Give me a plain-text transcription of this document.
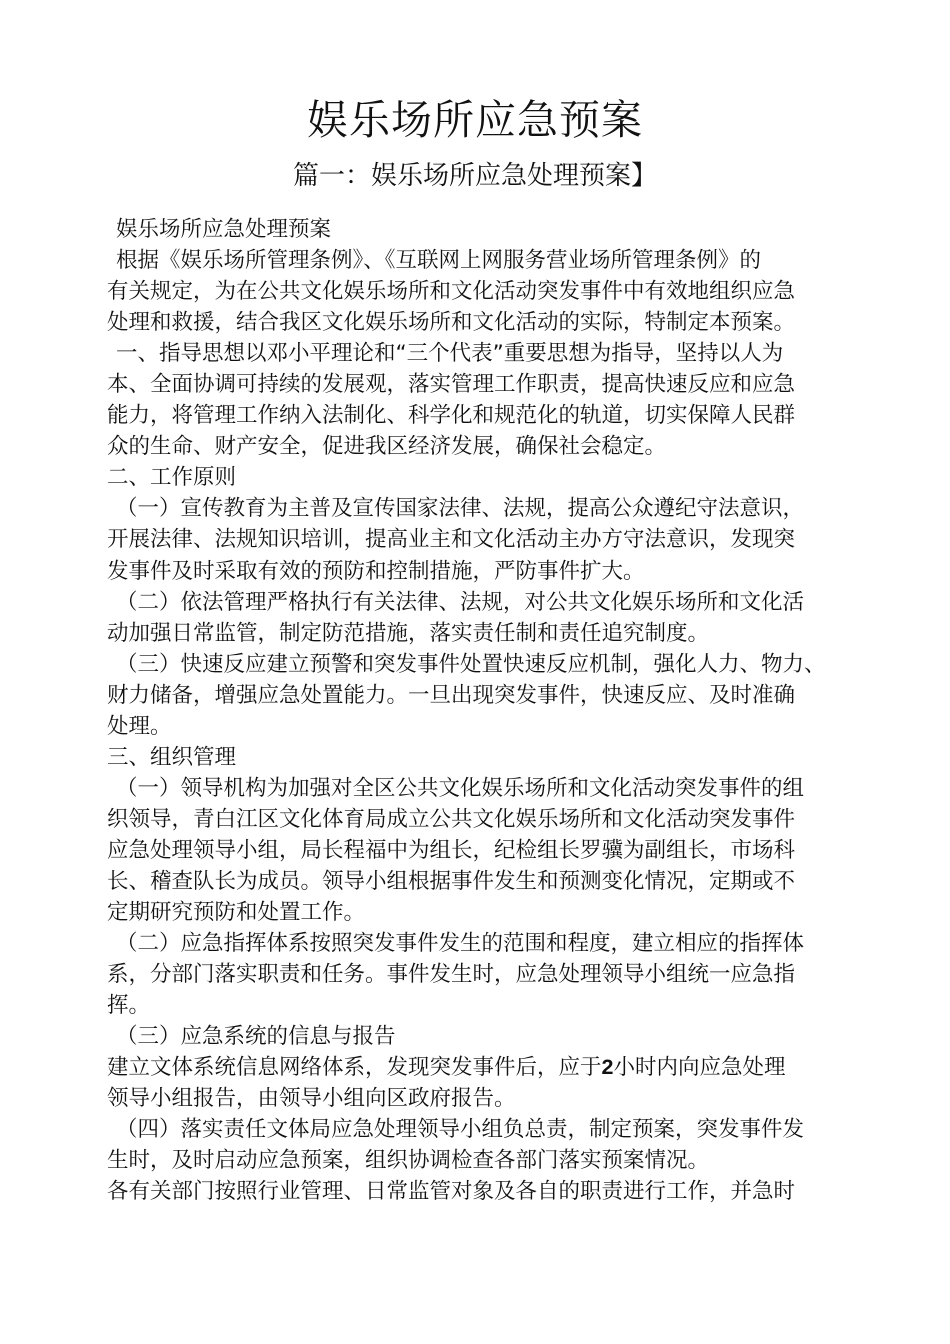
娱乐场所应急预案
篇一：娱乐场所应急处理预案】
娱乐场所应急处理预案
根据《娱乐场所管理条例》、《互联网上网服务营业场所管理条例》的
有关规定，为在公共文化娱乐场所和文化活动突发事件中有效地组织应急
处理和救援，结合我区文化娱乐场所和文化活动的实际，特制定本预案。
一、指导思想以邓小平理论和“三个代表”重要思想为指导，坚持以人为
本、全面协调可持续的发展观，落实管理工作职责，提高快速反应和应急
能力，将管理工作纳入法制化、科学化和规范化的轨道，切实保障人民群
众的生命、财产安全，促进我区经济发展，确保社会稳定。
二、工作原则
（一）宣传教育为主普及宣传国家法律、法规，提高公众遵纪守法意识，
开展法律、法规知识培训，提高业主和文化活动主办方守法意识，发现突
发事件及时采取有效的预防和控制措施，严防事件扩大。
（二）依法管理严格执行有关法律、法规，对公共文化娱乐场所和文化活
动加强日常监管，制定防范措施，落实责任制和责任追究制度。
（三）快速反应建立预警和突发事件处置快速反应机制，强化人力、物力、
财力储备，增强应急处置能力。一旦出现突发事件，快速反应、及时准确
处理。
三、组织管理
（一）领导机构为加强对全区公共文化娱乐场所和文化活动突发事件的组
织领导，青白江区文化体育局成立公共文化娱乐场所和文化活动突发事件
应急处理领导小组，局长程福中为组长，纪检组长罗骥为副组长，市场科
长、稽查队长为成员。领导小组根据事件发生和预测变化情况，定期或不
定期研究预防和处置工作。
（二）应急指挥体系按照突发事件发生的范围和程度，建立相应的指挥体
系，分部门落实职责和任务。事件发生时，应急处理领导小组统一应急指
挥。
（三）应急系统的信息与报告
建立文体系统信息网络体系，发现突发事件后，应于2小时内向应急处理
领导小组报告，由领导小组向区政府报告。
（四）落实责任文体局应急处理领导小组负总责，制定预案，突发事件发
生时，及时启动应急预案，组织协调检查各部门落实预案情况。
各有关部门按照行业管理、日常监管对象及各自的职责进行工作，并急时
